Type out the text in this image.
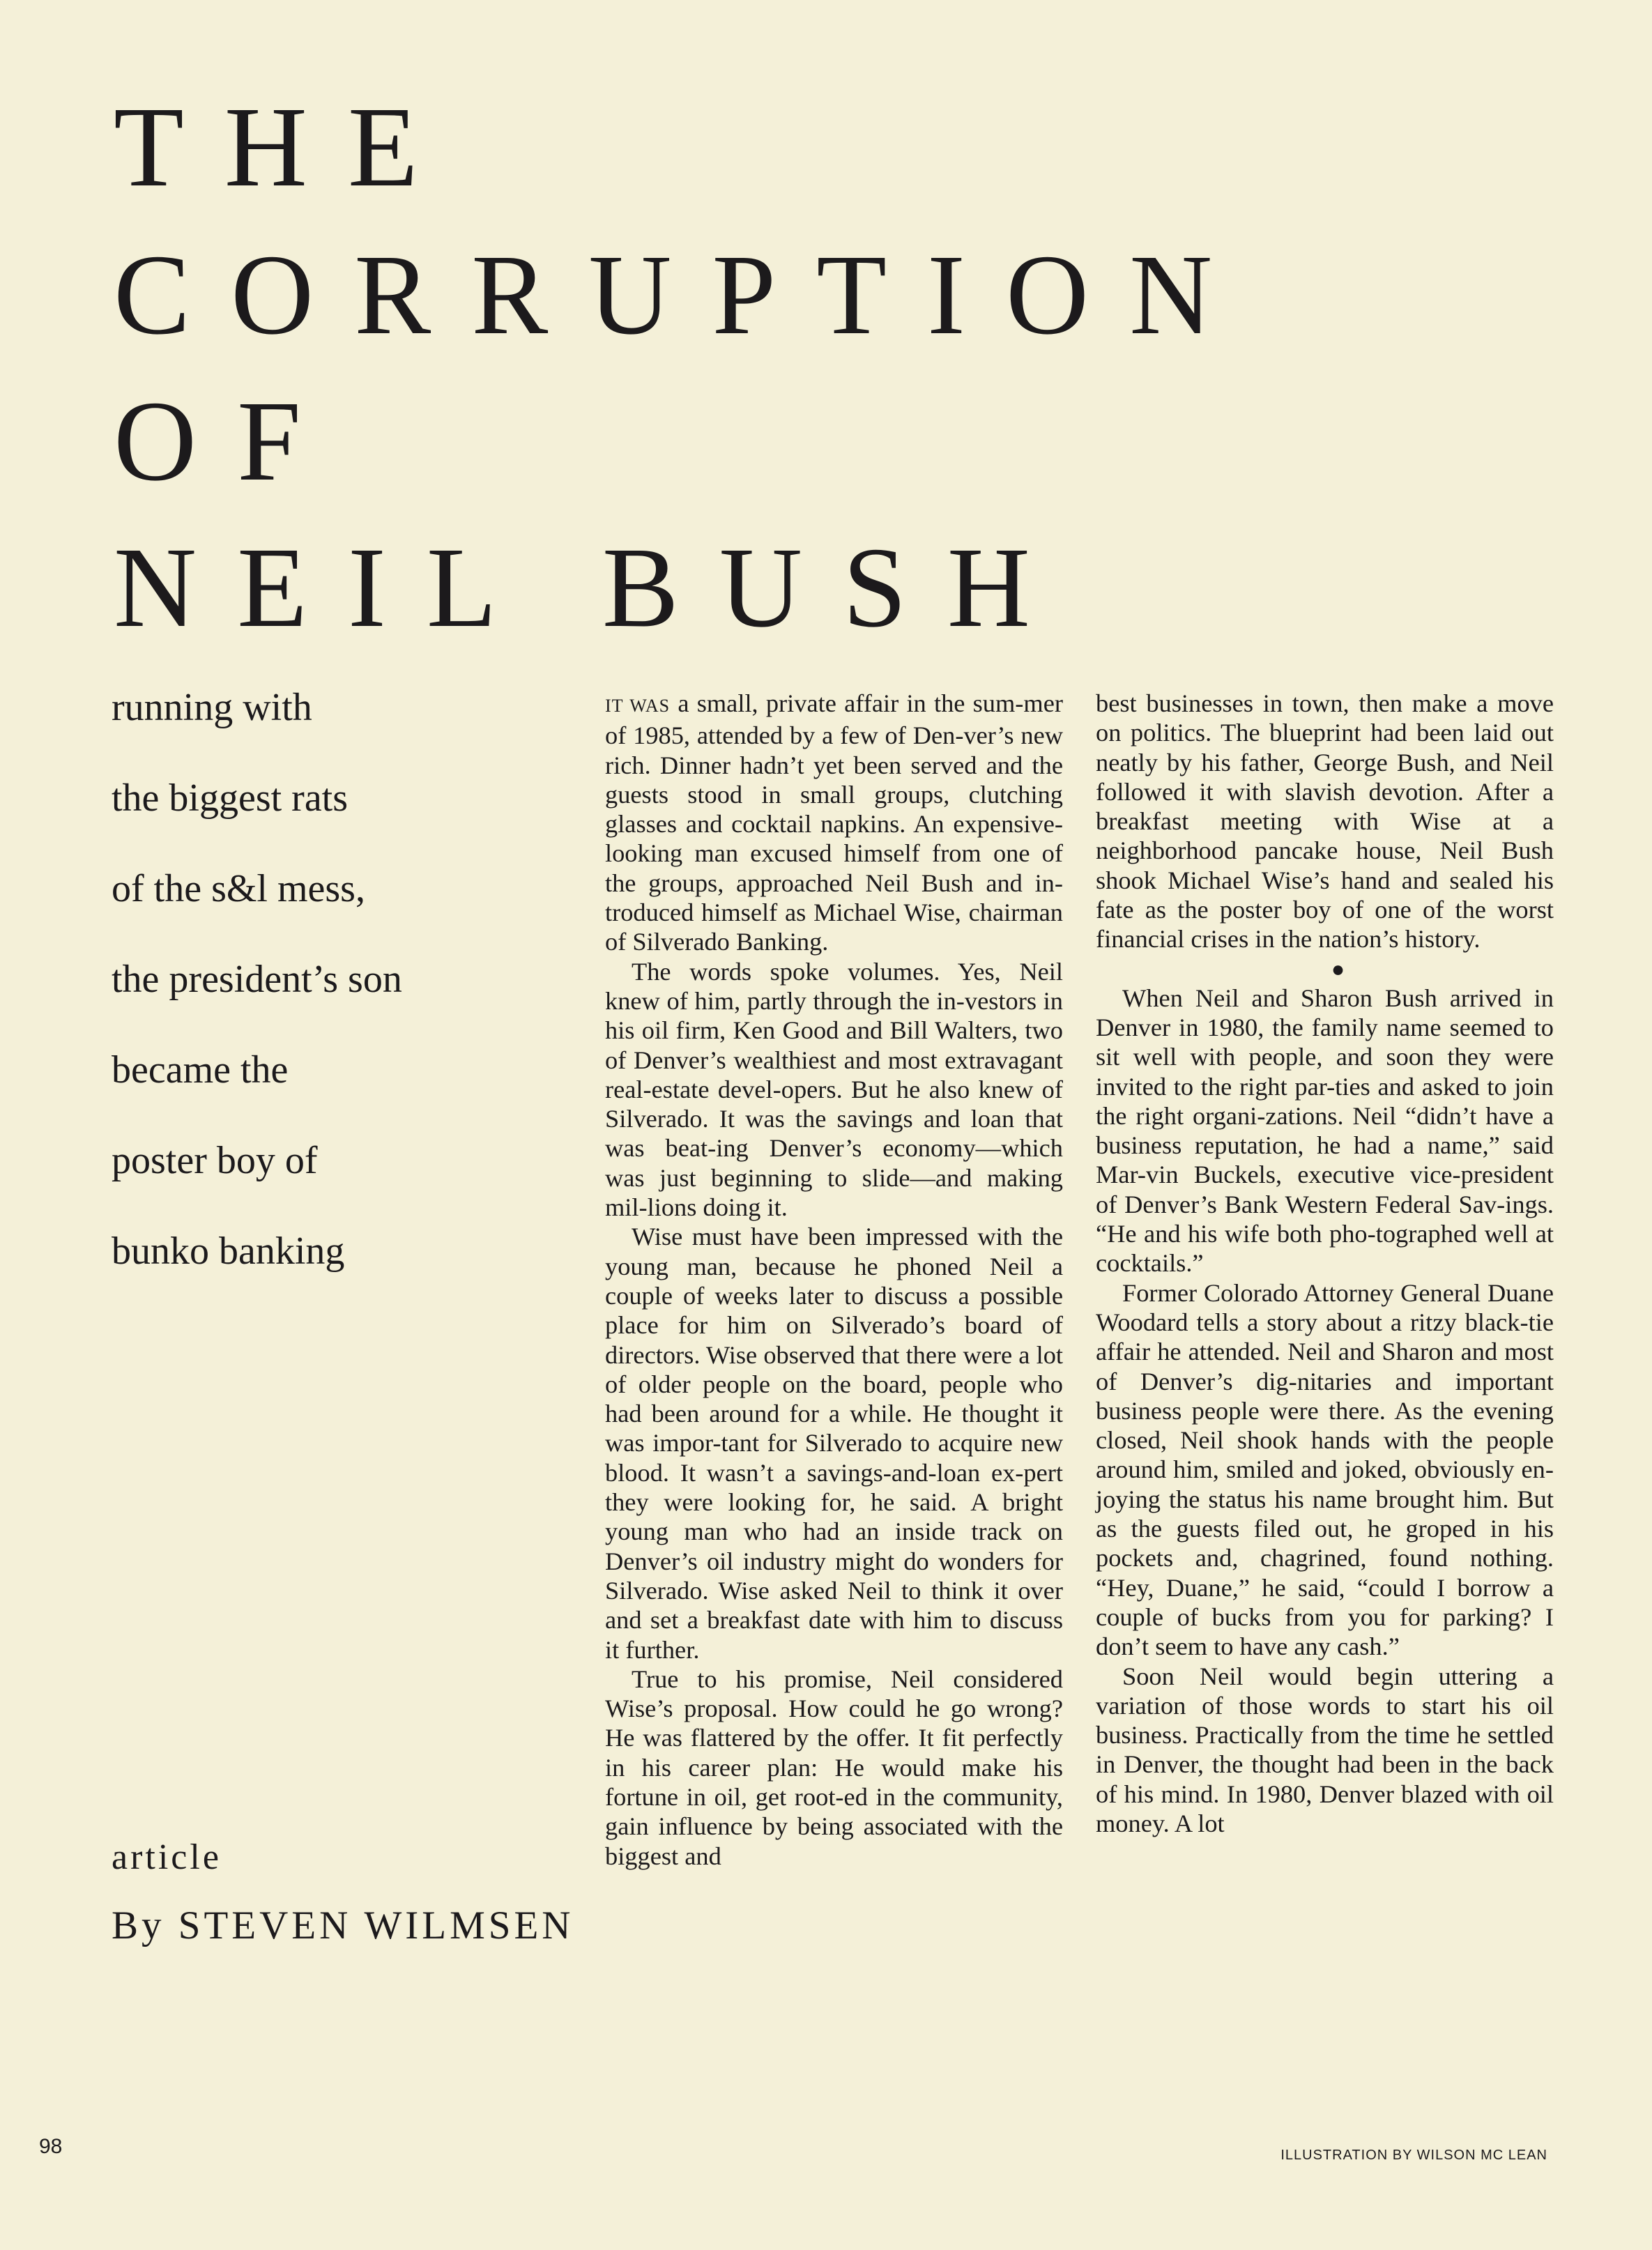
THE
CORRUPTION
OF
NEIL BUSH
running with
the biggest rats
of the s&l mess,
the president’s son
became the
poster boy of
bunko banking
article
By STEVEN WILMSEN

IT WAS a small, private affair in the sum-mer of 1985, attended by a few of Den-ver’s new rich. Dinner hadn’t yet been served and the guests stood in small groups, clutching glasses and cocktail napkins. An expensive-looking man excused himself from one of the groups, approached Neil Bush and in-troduced himself as Michael Wise, chairman of Silverado Banking.

The words spoke volumes. Yes, Neil knew of him, partly through the in-vestors in his oil firm, Ken Good and Bill Walters, two of Denver’s wealthiest and most extravagant real-estate devel-opers. But he also knew of Silverado. It was the savings and loan that was beat-ing Denver’s economy—which was just beginning to slide—and making mil-lions doing it.

Wise must have been impressed with the young man, because he phoned Neil a couple of weeks later to discuss a possible place for him on Silverado’s board of directors. Wise observed that there were a lot of older people on the board, people who had been around for a while. He thought it was impor-tant for Silverado to acquire new blood. It wasn’t a savings-and-loan ex-pert they were looking for, he said. A bright young man who had an inside track on Denver’s oil industry might do wonders for Silverado. Wise asked Neil to think it over and set a breakfast date with him to discuss it further.

True to his promise, Neil considered Wise’s proposal. How could he go wrong? He was flattered by the offer. It fit perfectly in his career plan: He would make his fortune in oil, get root-ed in the community, gain influence by being associated with the biggest and

best businesses in town, then make a move on politics. The blueprint had been laid out neatly by his father, George Bush, and Neil followed it with slavish devotion. After a breakfast meeting with Wise at a neighborhood pancake house, Neil Bush shook Michael Wise’s hand and sealed his fate as the poster boy of one of the worst financial crises in the nation’s history.

●

When Neil and Sharon Bush arrived in Denver in 1980, the family name seemed to sit well with people, and soon they were invited to the right par-ties and asked to join the right organi-zations. Neil “didn’t have a business reputation, he had a name,” said Mar-vin Buckels, executive vice-president of Denver’s Bank Western Federal Sav-ings. “He and his wife both pho-tographed well at cocktails.”

Former Colorado Attorney General Duane Woodard tells a story about a ritzy black-tie affair he attended. Neil and Sharon and most of Denver’s dig-nitaries and important business people were there. As the evening closed, Neil shook hands with the people around him, smiled and joked, obviously en-joying the status his name brought him. But as the guests filed out, he groped in his pockets and, chagrined, found nothing. “Hey, Duane,” he said, “could I borrow a couple of bucks from you for parking? I don’t seem to have any cash.”

Soon Neil would begin uttering a variation of those words to start his oil business. Practically from the time he settled in Denver, the thought had been in the back of his mind. In 1980, Denver blazed with oil money. A lot

98	ILLUSTRATION BY WILSON MC LEAN
